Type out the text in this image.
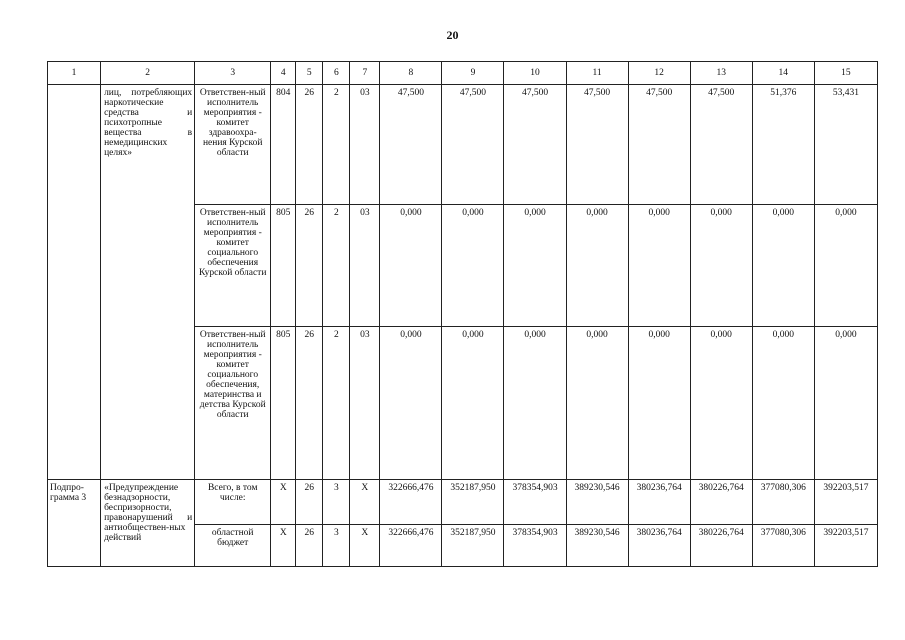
20
1	2	3	4	5	6	7	8	9	10	11	12	13	14	15
	лиц, потребляющих наркотические средства и психотропные вещества в немедицинских целях»	Ответствен-ный исполнитель мероприятия - комитет здравоохра-нения Курской области	804	26	2	03	47,500	47,500	47,500	47,500	47,500	47,500	51,376	53,431
		Ответствен-ный исполнитель мероприятия - комитет социального обеспечения Курской области	805	26	2	03	0,000	0,000	0,000	0,000	0,000	0,000	0,000	0,000
		Ответствен-ный исполнитель мероприятия - комитет социального обеспечения, материнства и детства Курской области	805	26	2	03	0,000	0,000	0,000	0,000	0,000	0,000	0,000	0,000
Подпро-грамма 3	«Предупреждение безнадзорности, беспризорности, правонарушений и антиобществен-ных действий	Всего, в том числе:	X	26	3	X	322666,476	352187,950	378354,903	389230,546	380236,764	380226,764	377080,306	392203,517
		областной бюджет	X	26	3	X	322666,476	352187,950	378354,903	389230,546	380236,764	380226,764	377080,306	392203,517
